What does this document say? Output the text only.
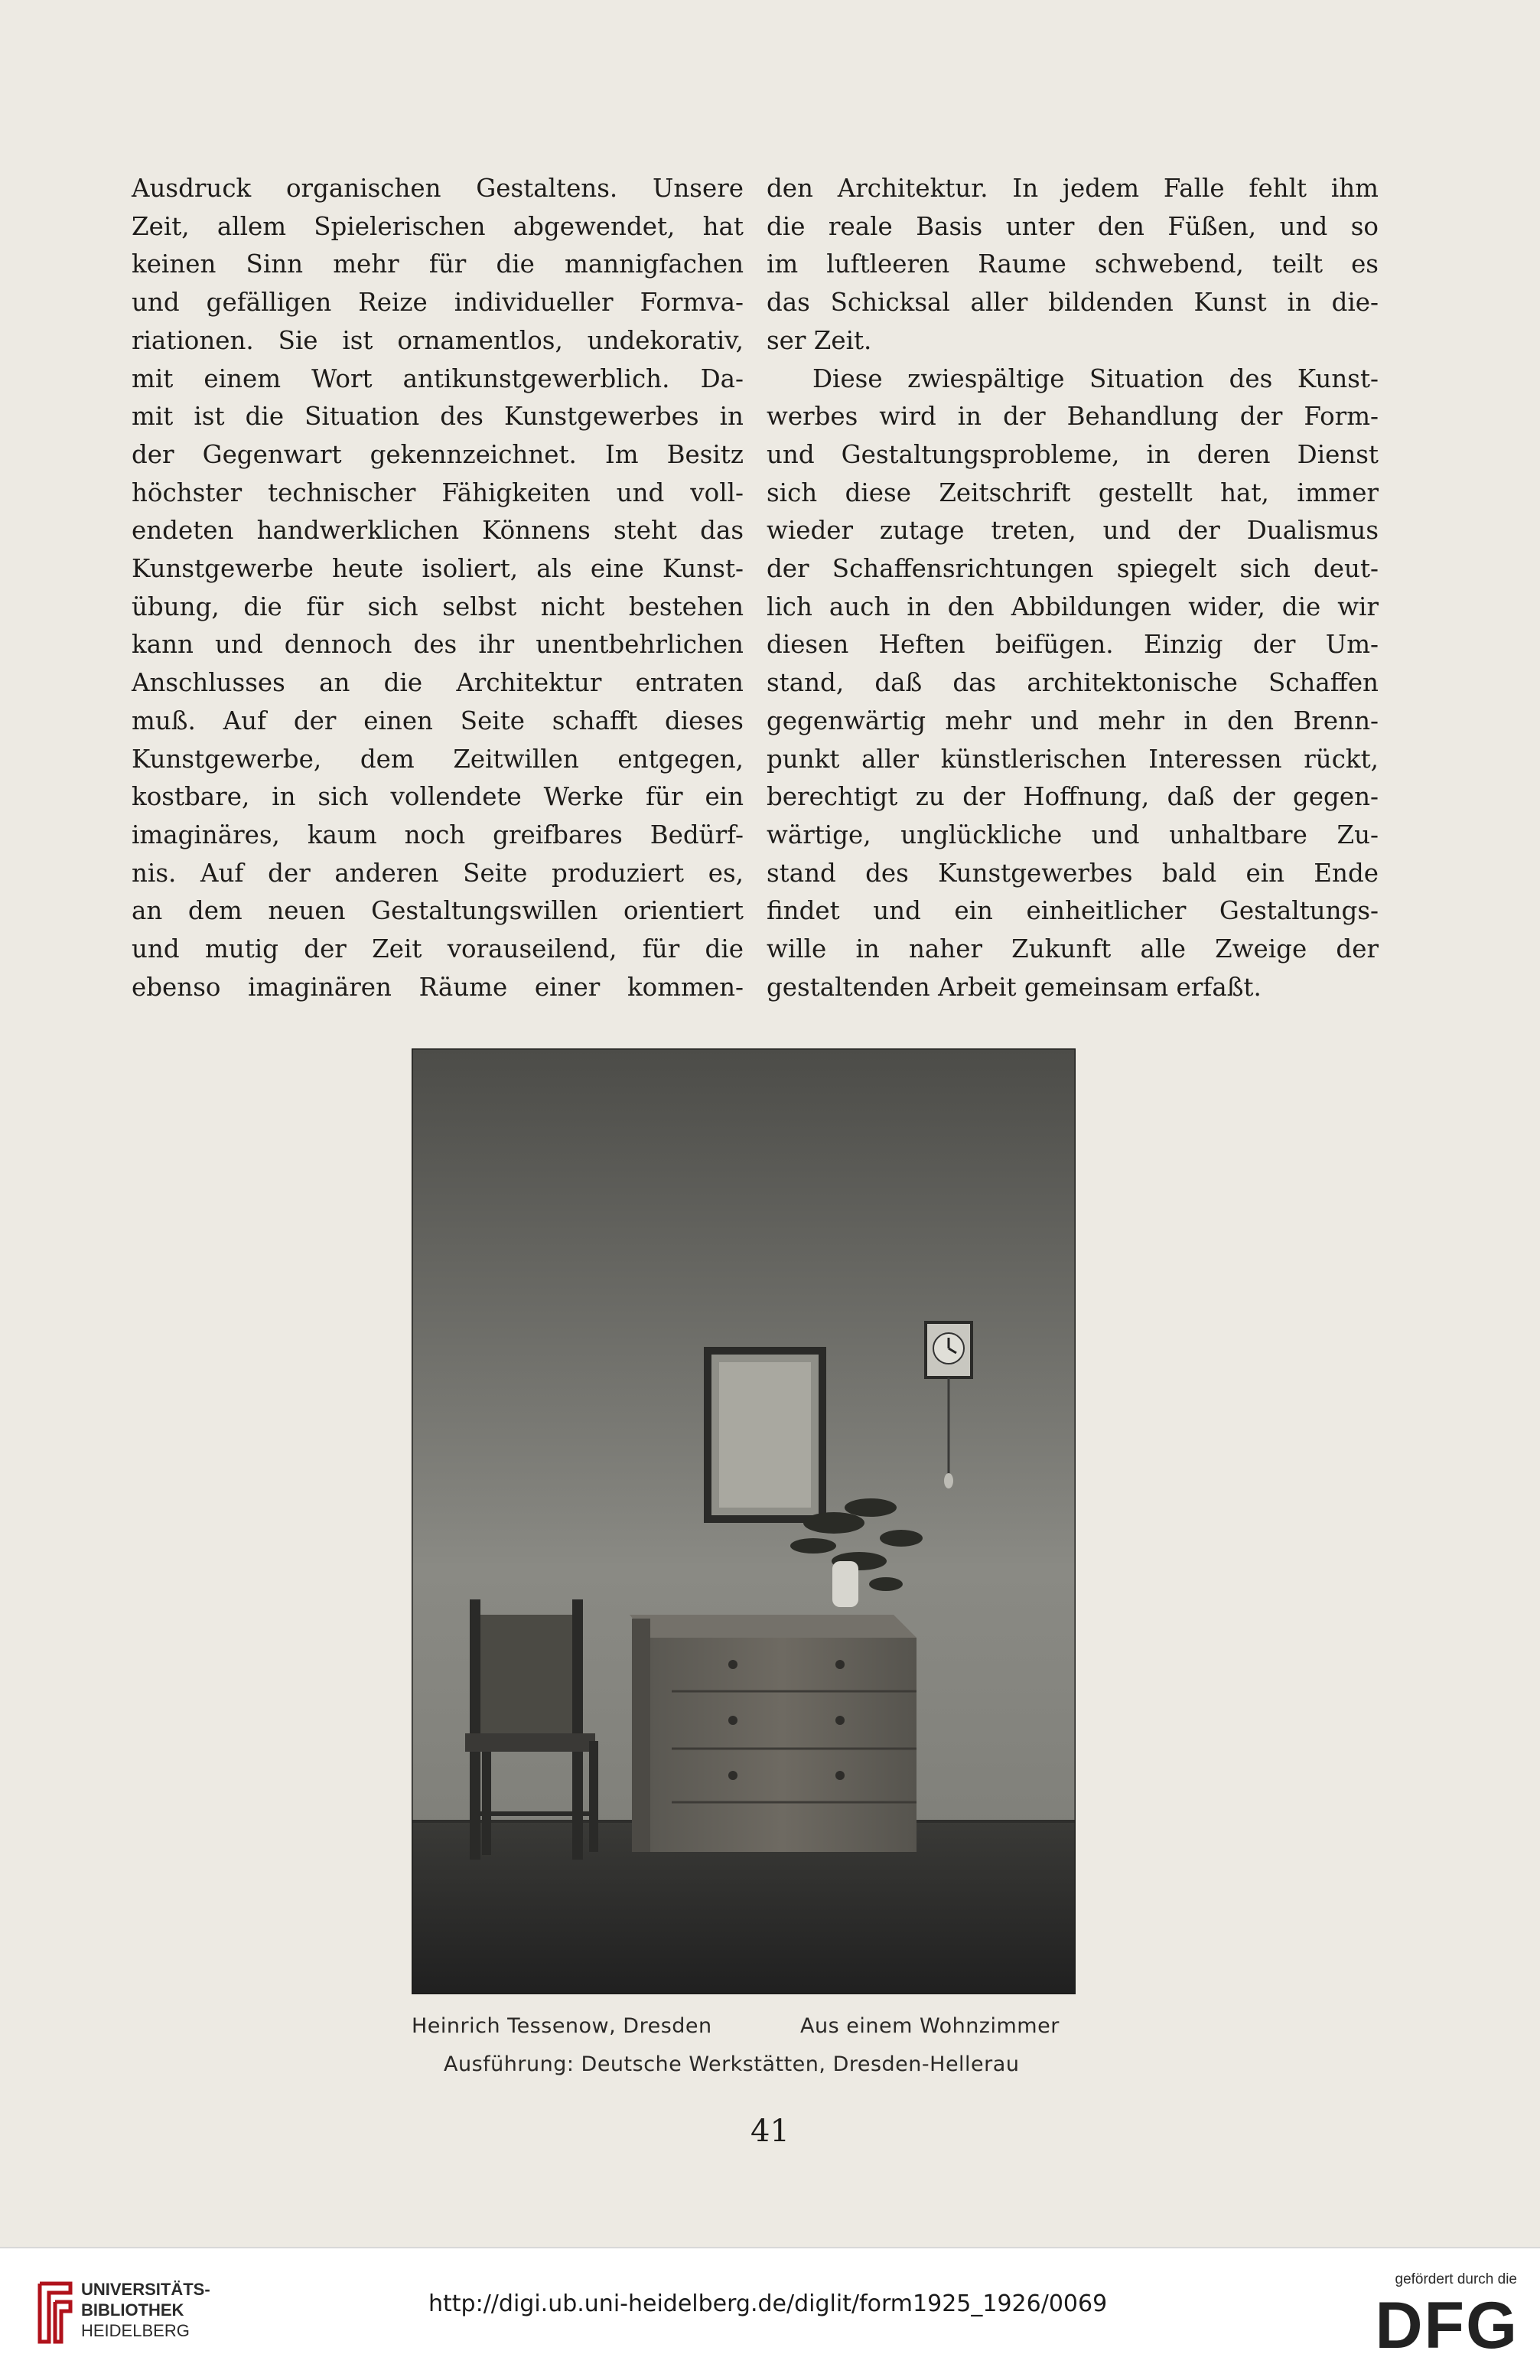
Ausdruck organischen Gestaltens. Unsere
Zeit, allem Spielerischen abgewendet, hat
keinen Sinn mehr für die mannigfachen
und gefälligen Reize individueller Formva-
riationen. Sie ist ornamentlos, undekorativ,
mit einem Wort antikunstgewerblich. Da-
mit ist die Situation des Kunstgewerbes in
der Gegenwart gekennzeichnet. Im Besitz
höchster technischer Fähigkeiten und voll-
endeten handwerklichen Könnens steht das
Kunstgewerbe heute isoliert, als eine Kunst-
übung, die für sich selbst nicht bestehen
kann und dennoch des ihr unentbehrlichen
Anschlusses an die Architektur entraten
muß. Auf der einen Seite schafft dieses
Kunstgewerbe, dem Zeitwillen entgegen,
kostbare, in sich vollendete Werke für ein
imaginäres, kaum noch greifbares Bedürf-
nis. Auf der anderen Seite produziert es,
an dem neuen Gestaltungswillen orientiert
und mutig der Zeit vorauseilend, für die
ebenso imaginären Räume einer kommen-
den Architektur. In jedem Falle fehlt ihm
die reale Basis unter den Füßen, und so
im luftleeren Raume schwebend, teilt es
das Schicksal aller bildenden Kunst in die-
ser Zeit.
Diese zwiespältige Situation des Kunst-
werbes wird in der Behandlung der Form-
und Gestaltungsprobleme, in deren Dienst
sich diese Zeitschrift gestellt hat, immer
wieder zutage treten, und der Dualismus
der Schaffensrichtungen spiegelt sich deut-
lich auch in den Abbildungen wider, die wir
diesen Heften beifügen. Einzig der Um-
stand, daß das architektonische Schaffen
gegenwärtig mehr und mehr in den Brenn-
punkt aller künstlerischen Interessen rückt,
berechtigt zu der Hoffnung, daß der gegen-
wärtige, unglückliche und unhaltbare Zu-
stand des Kunstgewerbes bald ein Ende
findet und ein einheitlicher Gestaltungs-
wille in naher Zukunft alle Zweige der
gestaltenden Arbeit gemeinsam erfaßt.
Heinrich Tessenow, Dresden	Aus einem Wohnzimmer
Ausführung: Deutsche Werkstätten, Dresden-Hellerau
41
UNIVERSITÄTS-
BIBLIOTHEK
HEIDELBERG
http://digi.ub.uni-heidelberg.de/diglit/form1925_1926/0069
gefördert durch die
DFG
